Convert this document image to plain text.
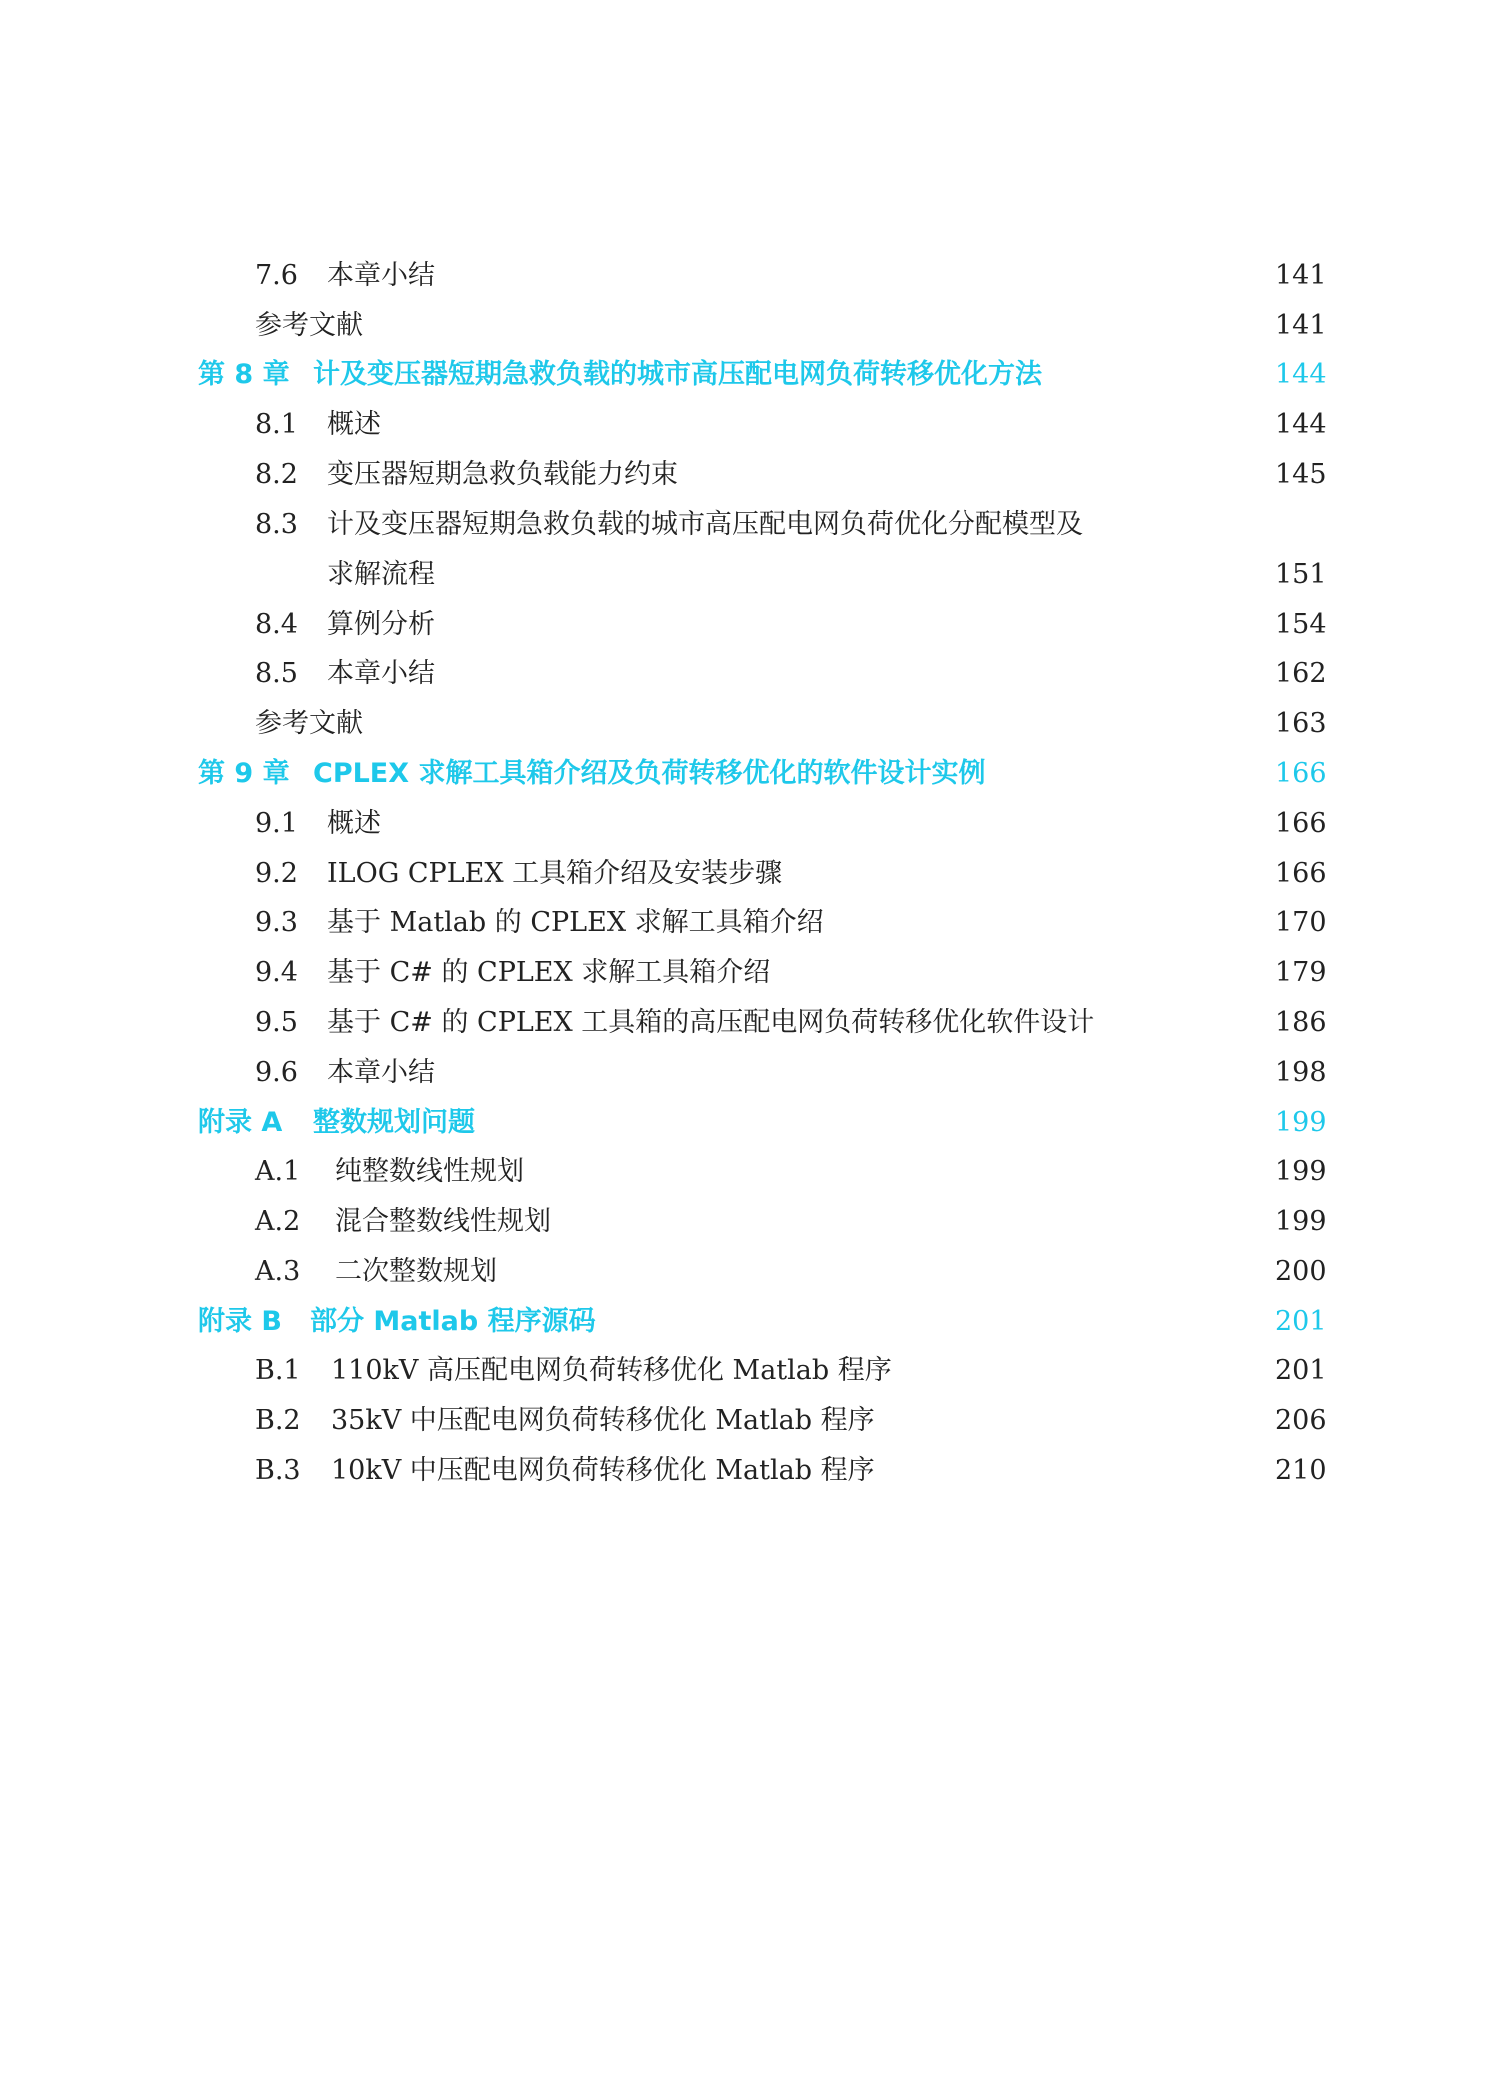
7.6	本章小结	141
参考文献	141
第 8 章 计及变压器短期急救负载的城市高压配电网负荷转移优化方法	144
8.1	概述	144
8.2	变压器短期急救负载能力约束	145
8.3	计及变压器短期急救负载的城市高压配电网负荷优化分配模型及
求解流程	151
8.4	算例分析	154
8.5	本章小结	162
参考文献	163
第 9 章 CPLEX 求解工具箱介绍及负荷转移优化的软件设计实例	166
9.1	概述	166
9.2	ILOG CPLEX 工具箱介绍及安装步骤	166
9.3	基于 Matlab 的 CPLEX 求解工具箱介绍	170
9.4	基于 C# 的 CPLEX 求解工具箱介绍	179
9.5	基于 C# 的 CPLEX 工具箱的高压配电网负荷转移优化软件设计	186
9.6	本章小结	198
附录 A	整数规划问题	199
A.1	纯整数线性规划	199
A.2	混合整数线性规划	199
A.3	二次整数规划	200
附录 B	部分 Matlab 程序源码	201
B.1	110kV 高压配电网负荷转移优化 Matlab 程序	201
B.2	35kV 中压配电网负荷转移优化 Matlab 程序	206
B.3	10kV 中压配电网负荷转移优化 Matlab 程序	210
